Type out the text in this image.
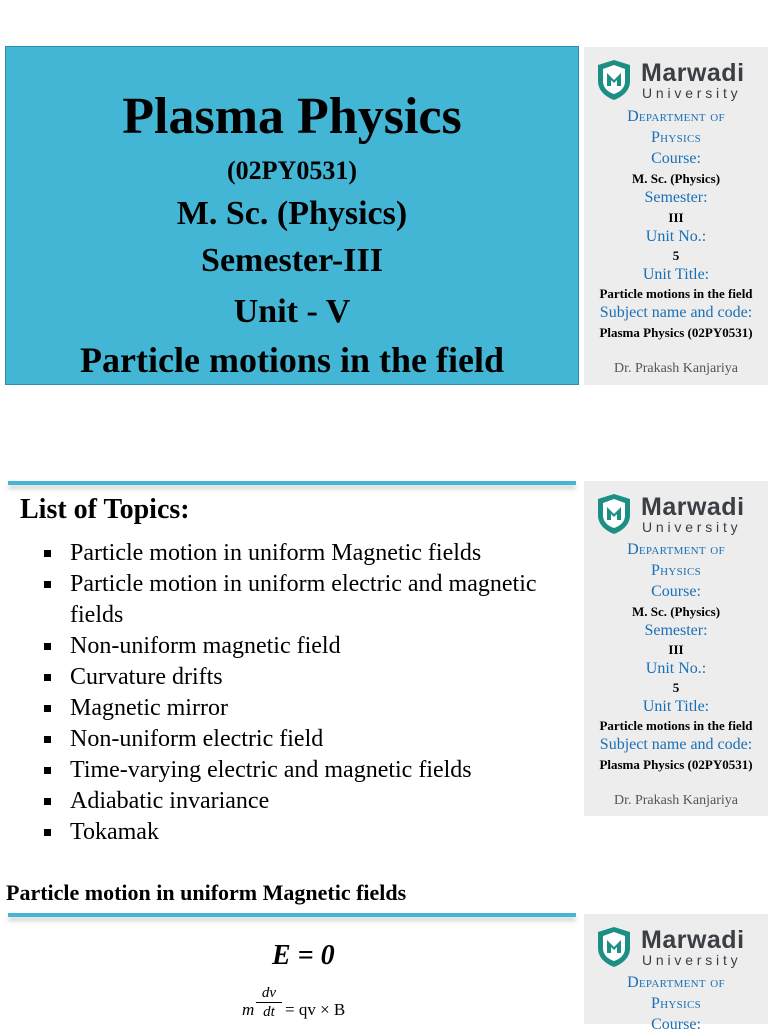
Plasma Physics
(02PY0531)
M. Sc. (Physics)
Semester-III
Unit - V
Particle motions in the field
Marwadi
University
Department of
Physics
Course:
M. Sc. (Physics)
Semester:
III
Unit No.:
5
Unit Title:
Particle motions in the field
Subject name and code:
Plasma Physics (02PY0531)
Dr. Prakash Kanjariya
List of Topics:
Particle motion in uniform Magnetic fields
Particle motion in uniform electric and magnetic fields
Non-uniform magnetic field
Curvature drifts
Magnetic mirror
Non-uniform electric field
Time-varying electric and magnetic fields
Adiabatic invariance
Tokamak
Marwadi
University
Department of
Physics
Course:
M. Sc. (Physics)
Semester:
III
Unit No.:
5
Unit Title:
Particle motions in the field
Subject name and code:
Plasma Physics (02PY0531)
Dr. Prakash Kanjariya
Particle motion in uniform Magnetic fields
E = 0
m
dv
dt = qv × B
Marwadi
University
Department of
Physics
Course:
